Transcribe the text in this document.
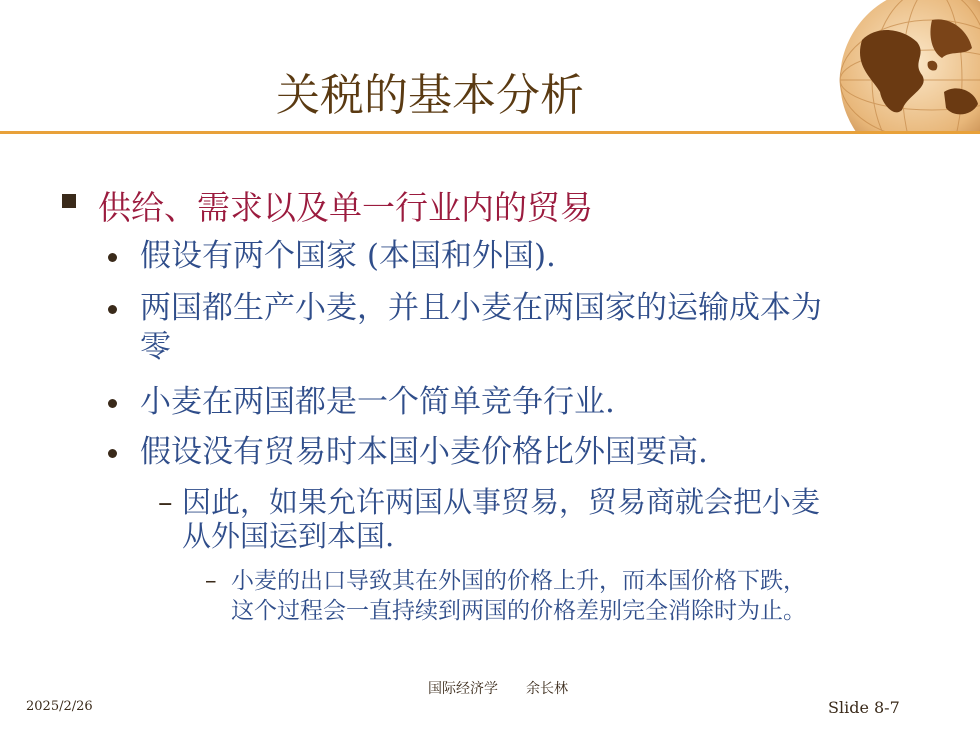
关税的基本分析
供给、需求以及单一行业内的贸易
假设有两个国家 (本国和外国).
两国都生产小麦，并且小麦在两国家的运输成本为
零
小麦在两国都是一个简单竞争行业.
假设没有贸易时本国小麦价格比外国要高.
– 因此，如果允许两国从事贸易，贸易商就会把小麦
从外国运到本国.
– 小麦的出口导致其在外国的价格上升，而本国价格下跌，
这个过程会一直持续到两国的价格差别完全消除时为止。
国际经济学　　余长林
2025/2/26	Slide 8-7
